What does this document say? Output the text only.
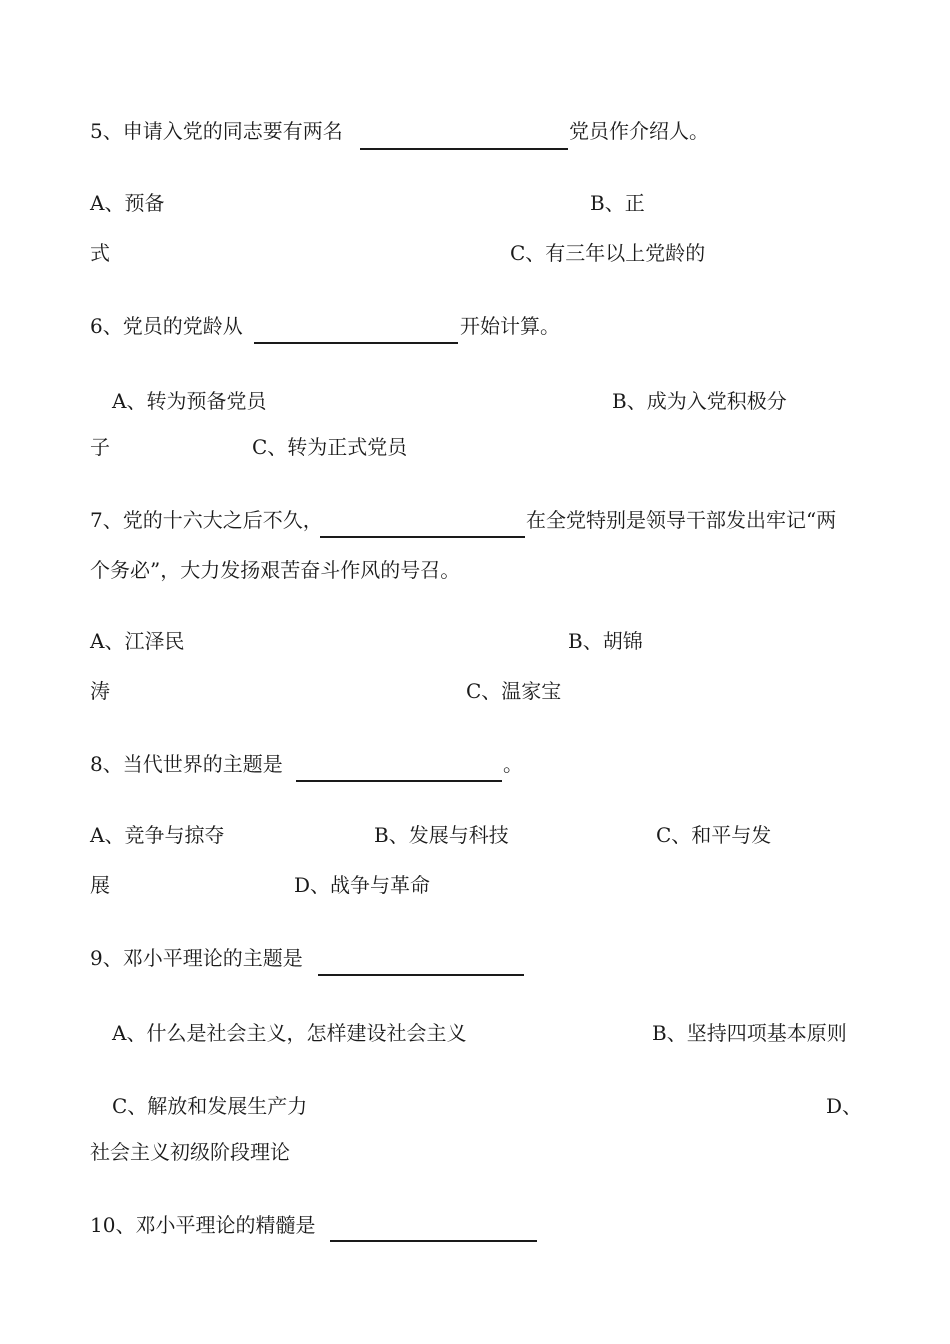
5、申请入党的同志要有两名	党员作介绍人。
A、预备	B、正
式	C、有三年以上党龄的
6、党员的党龄从	开始计算。
A、转为预备党员	B、成为入党积极分
子	C、转为正式党员
7、党的十六大之后不久，	在全党特别是领导干部发出牢记“两
个务必”，大力发扬艰苦奋斗作风的号召。
A、江泽民	B、胡锦
涛	C、温家宝
8、当代世界的主题是	。
A、竞争与掠夺	B、发展与科技	C、和平与发
展	D、战争与革命
9、邓小平理论的主题是
A、什么是社会主义，怎样建设社会主义	B、坚持四项基本原则
C、解放和发展生产力	D、
社会主义初级阶段理论
10、邓小平理论的精髓是
